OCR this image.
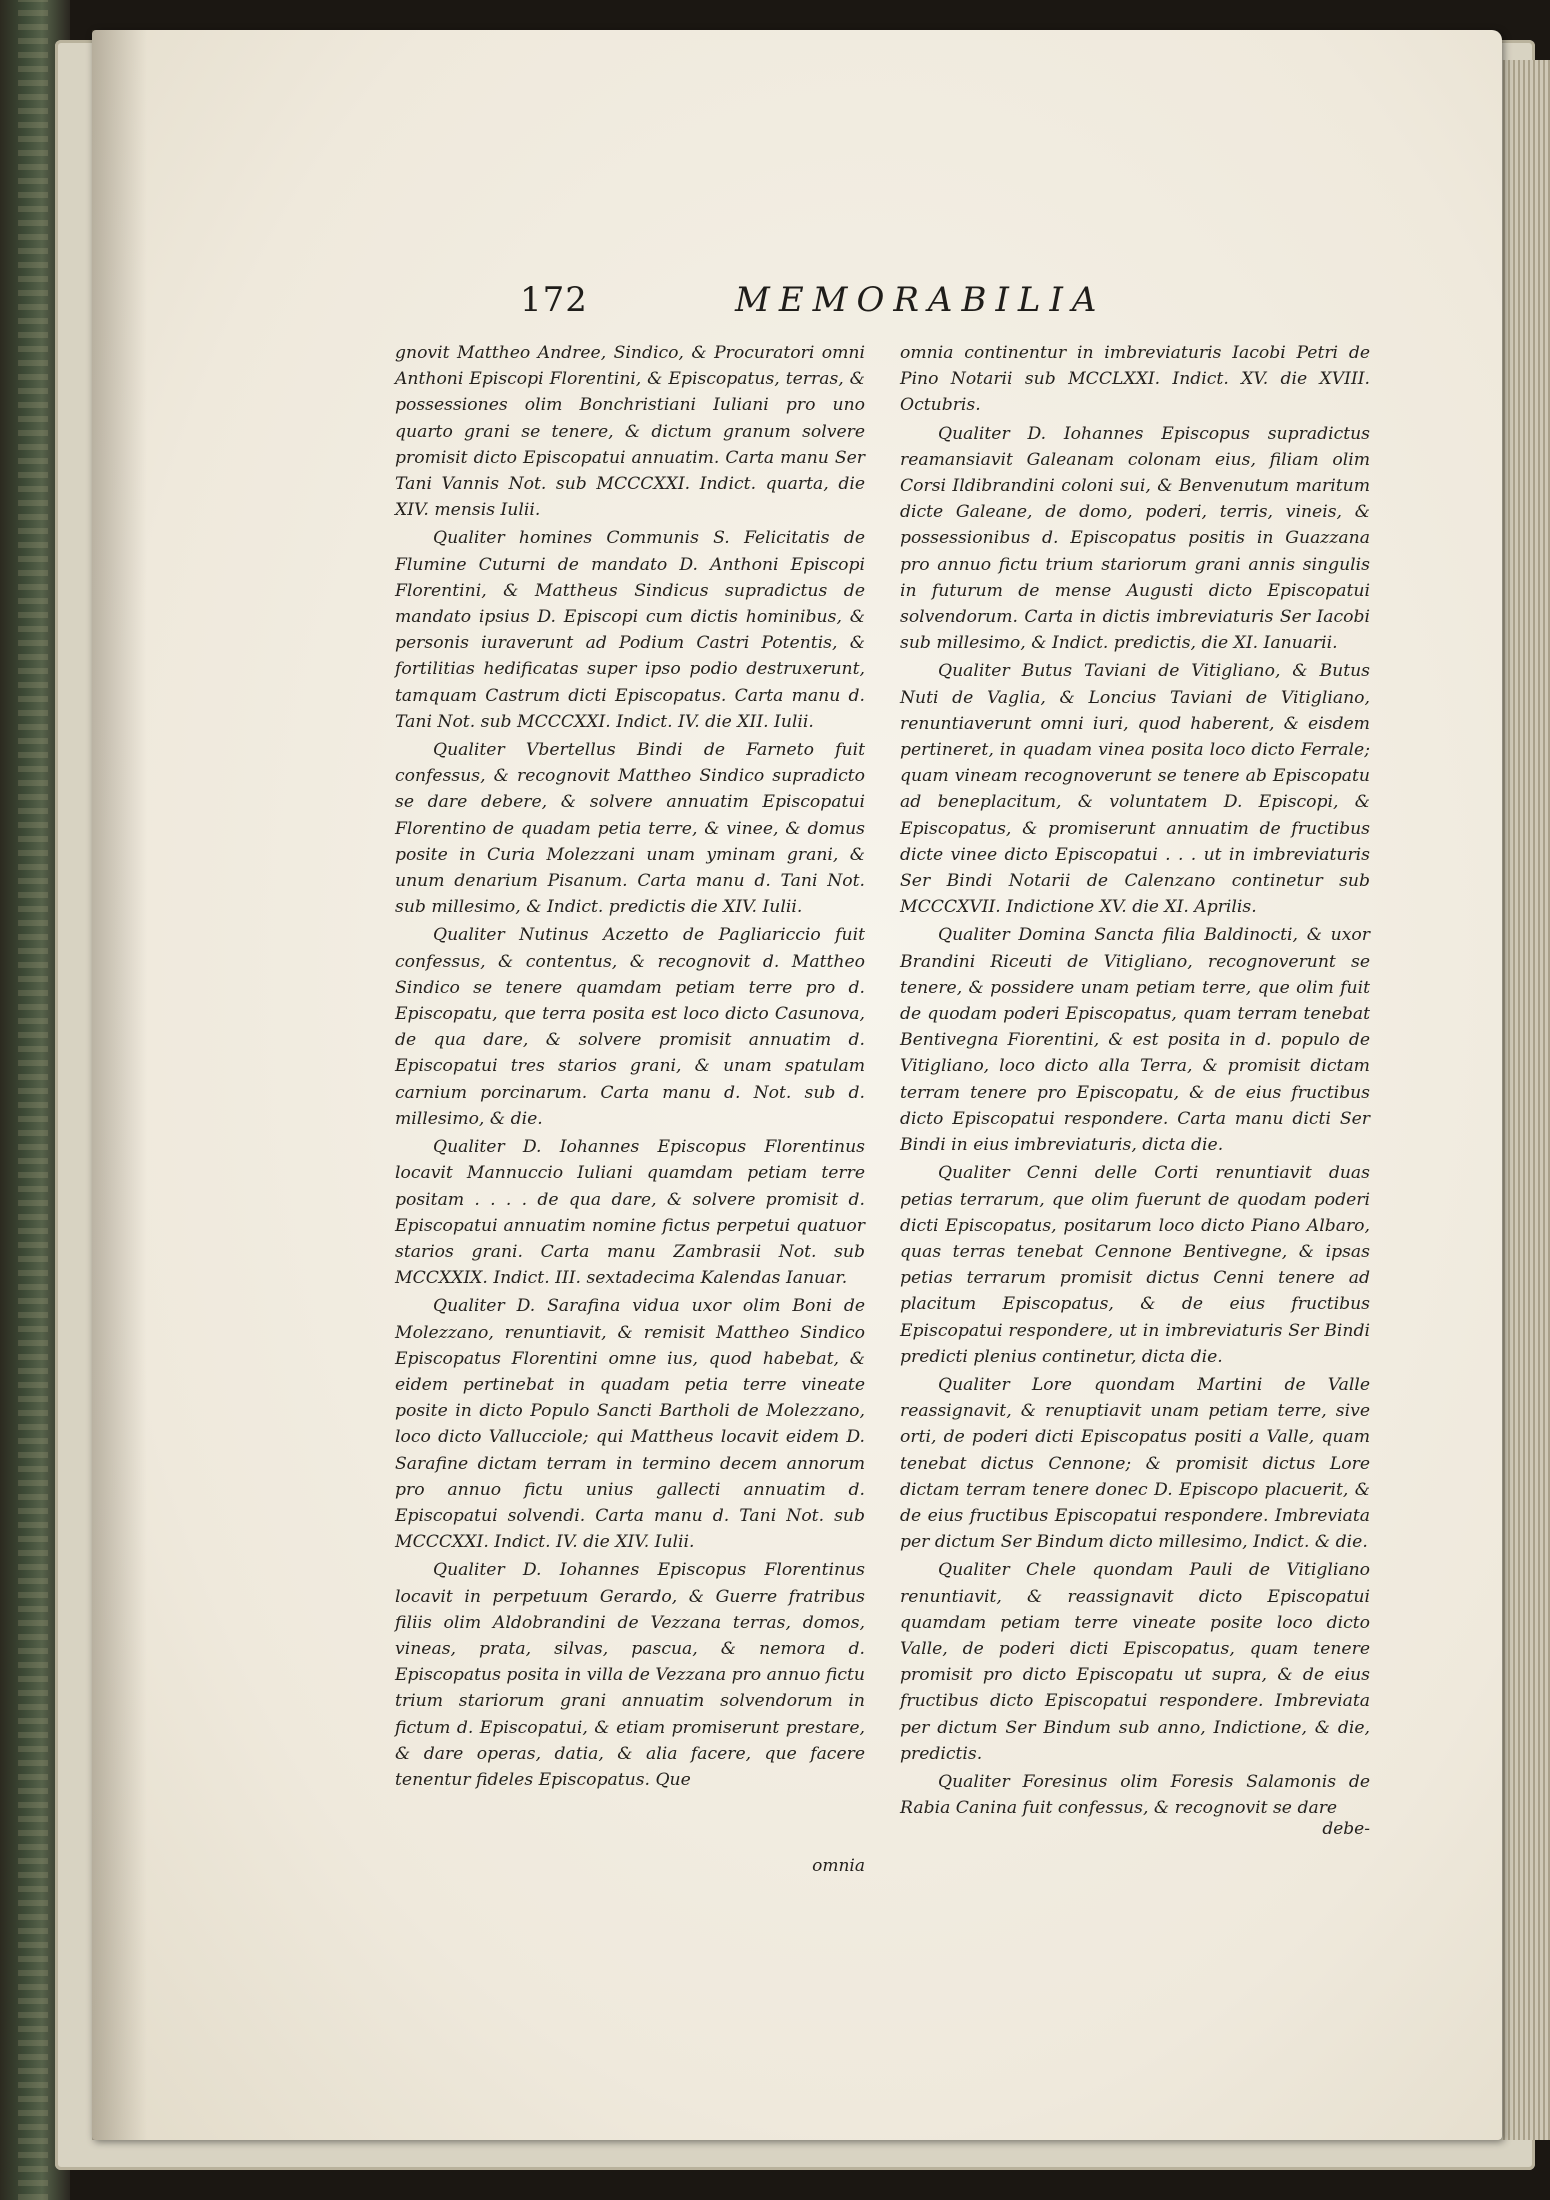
172	MEMORABILIA

gnovit Mattheo Andree, Sindico, & Procuratori omni Anthoni Episcopi Florentini, & Episcopatus, terras, & possessiones olim Bonchristiani Iuliani pro uno quarto grani se tenere, & dictum granum solvere promisit dicto Episcopatui annuatim. Carta manu Ser Tani Vannis Not. sub MCCCXXI. Indict. quarta, die XIV. mensis Iulii.

Qualiter homines Communis S. Felicitatis de Flumine Cuturni de mandato D. Anthoni Episcopi Florentini, & Mattheus Sindicus supradictus de mandato ipsius D. Episcopi cum dictis hominibus, & personis iuraverunt ad Podium Castri Potentis, & fortilitias hedificatas super ipso podio destruxerunt, tamquam Castrum dicti Episcopatus. Carta manu d. Tani Not. sub MCCCXXI. Indict. IV. die XII. Iulii.

Qualiter Vbertellus Bindi de Farneto fuit confessus, & recognovit Mattheo Sindico supradicto se dare debere, & solvere annuatim Episcopatui Florentino de quadam petia terre, & vinee, & domus posite in Curia Molezzani unam yminam grani, & unum denarium Pisanum. Carta manu d. Tani Not. sub millesimo, & Indict. predictis die XIV. Iulii.

Qualiter Nutinus Aczetto de Pagliariccio fuit confessus, & contentus, & recognovit d. Mattheo Sindico se tenere quamdam petiam terre pro d. Episcopatu, que terra posita est loco dicto Casunova, de qua dare, & solvere promisit annuatim d. Episcopatui tres starios grani, & unam spatulam carnium porcinarum. Carta manu d. Not. sub d. millesimo, & die.

Qualiter D. Iohannes Episcopus Florentinus locavit Mannuccio Iuliani quamdam petiam terre positam . . . . de qua dare, & solvere promisit d. Episcopatui annuatim nomine fictus perpetui quatuor starios grani. Carta manu Zambrasii Not. sub MCCXXIX. Indict. III. sextadecima Kalendas Ianuar.

Qualiter D. Sarafina vidua uxor olim Boni de Molezzano, renuntiavit, & remisit Mattheo Sindico Episcopatus Florentini omne ius, quod habebat, & eidem pertinebat in quadam petia terre vineate posite in dicto Populo Sancti Bartholi de Molezzano, loco dicto Vallucciole; qui Mattheus locavit eidem D. Sarafine dictam terram in termino decem annorum pro annuo fictu unius gallecti annuatim d. Episcopatui solvendi. Carta manu d. Tani Not. sub MCCCXXI. Indict. IV. die XIV. Iulii.

Qualiter D. Iohannes Episcopus Florentinus locavit in perpetuum Gerardo, & Guerre fratribus filiis olim Aldobrandini de Vezzana terras, domos, vineas, prata, silvas, pascua, & nemora d. Episcopatus posita in villa de Vezzana pro annuo fictu trium stariorum grani annuatim solvendorum in fictum d. Episcopatui, & etiam promiserunt prestare, & dare operas, datia, & alia facere, que facere tenentur fideles Episcopatus. Que

omnia

omnia continentur in imbreviaturis Iacobi Petri de Pino Notarii sub MCCLXXI. Indict. XV. die XVIII. Octubris.

Qualiter D. Iohannes Episcopus supradictus reamansiavit Galeanam colonam eius, filiam olim Corsi Ildibrandini coloni sui, & Benvenutum maritum dicte Galeane, de domo, poderi, terris, vineis, & possessionibus d. Episcopatus positis in Guazzana pro annuo fictu trium stariorum grani annis singulis in futurum de mense Augusti dicto Episcopatui solvendorum. Carta in dictis imbreviaturis Ser Iacobi sub millesimo, & Indict. predictis, die XI. Ianuarii.

Qualiter Butus Taviani de Vitigliano, & Butus Nuti de Vaglia, & Loncius Taviani de Vitigliano, renuntiaverunt omni iuri, quod haberent, & eisdem pertineret, in quadam vinea posita loco dicto Ferrale; quam vineam recognoverunt se tenere ab Episcopatu ad beneplacitum, & voluntatem D. Episcopi, & Episcopatus, & promiserunt annuatim de fructibus dicte vinee dicto Episcopatui . . . ut in imbreviaturis Ser Bindi Notarii de Calenzano continetur sub MCCCXVII. Indictione XV. die XI. Aprilis.

Qualiter Domina Sancta filia Baldinocti, & uxor Brandini Riceuti de Vitigliano, recognoverunt se tenere, & possidere unam petiam terre, que olim fuit de quodam poderi Episcopatus, quam terram tenebat Bentivegna Fiorentini, & est posita in d. populo de Vitigliano, loco dicto alla Terra, & promisit dictam terram tenere pro Episcopatu, & de eius fructibus dicto Episcopatui respondere. Carta manu dicti Ser Bindi in eius imbreviaturis, dicta die.

Qualiter Cenni delle Corti renuntiavit duas petias terrarum, que olim fuerunt de quodam poderi dicti Episcopatus, positarum loco dicto Piano Albaro, quas terras tenebat Cennone Bentivegne, & ipsas petias terrarum promisit dictus Cenni tenere ad placitum Episcopatus, & de eius fructibus Episcopatui respondere, ut in imbreviaturis Ser Bindi predicti plenius continetur, dicta die.

Qualiter Lore quondam Martini de Valle reassignavit, & renuptiavit unam petiam terre, sive orti, de poderi dicti Episcopatus positi a Valle, quam tenebat dictus Cennone; & promisit dictus Lore dictam terram tenere donec D. Episcopo placuerit, & de eius fructibus Episcopatui respondere. Imbreviata per dictum Ser Bindum dicto millesimo, Indict. & die.

Qualiter Chele quondam Pauli de Vitigliano renuntiavit, & reassignavit dicto Episcopatui quamdam petiam terre vineate posite loco dicto Valle, de poderi dicti Episcopatus, quam tenere promisit pro dicto Episcopatu ut supra, & de eius fructibus dicto Episcopatui respondere. Imbreviata per dictum Ser Bindum sub anno, Indictione, & die, predictis.

Qualiter Foresinus olim Foresis Salamonis de Rabia Canina fuit confessus, & recognovit se dare

debe-
